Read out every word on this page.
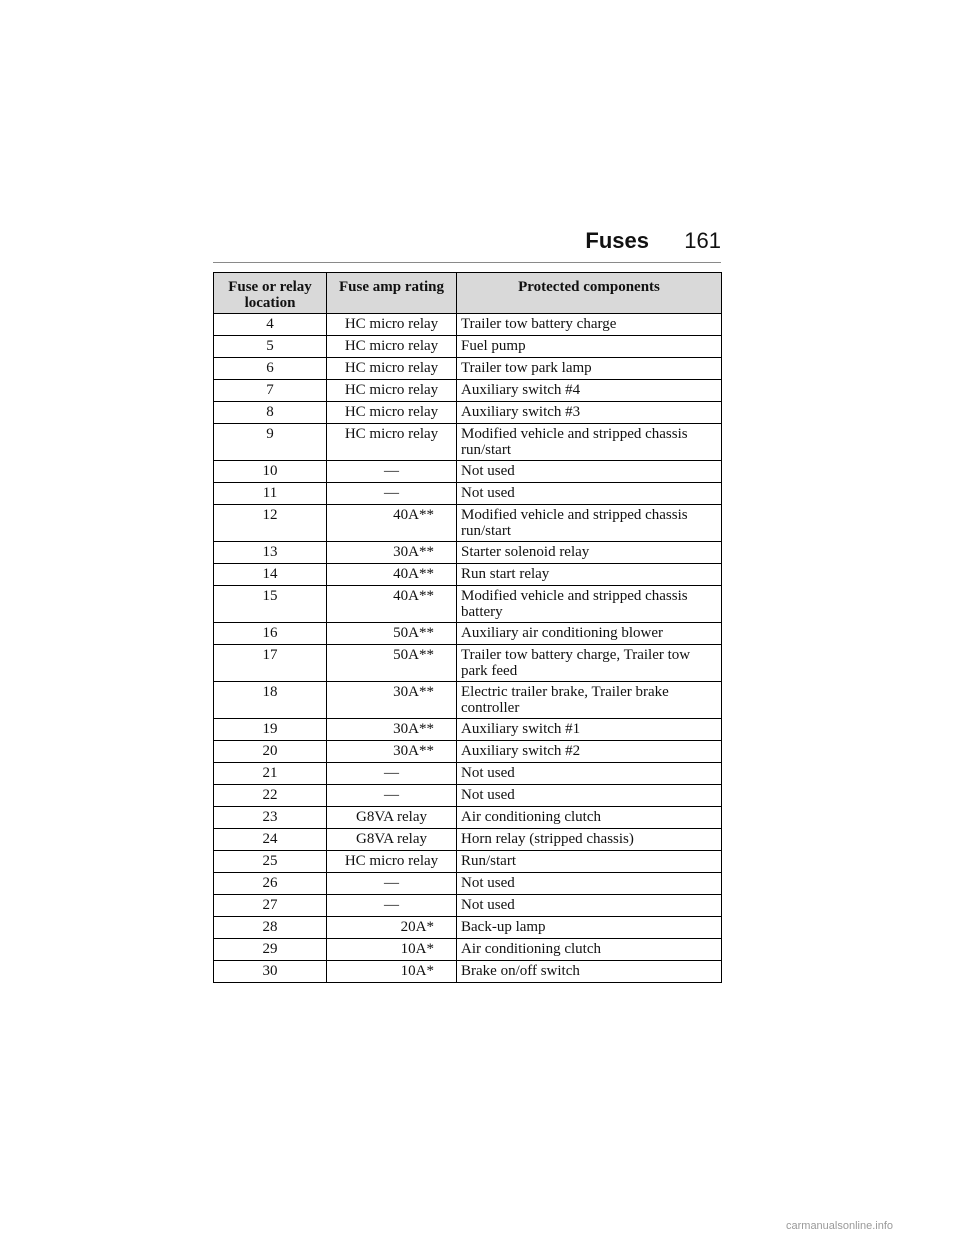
Fuses 161
Fuse or relay location	Fuse amp rating	Protected components
4	HC micro relay	Trailer tow battery charge
5	HC micro relay	Fuel pump
6	HC micro relay	Trailer tow park lamp
7	HC micro relay	Auxiliary switch #4
8	HC micro relay	Auxiliary switch #3
9	HC micro relay	Modified vehicle and stripped chassis run/start
10	—	Not used
11	—	Not used
12	40A**	Modified vehicle and stripped chassis run/start
13	30A**	Starter solenoid relay
14	40A**	Run start relay
15	40A**	Modified vehicle and stripped chassis battery
16	50A**	Auxiliary air conditioning blower
17	50A**	Trailer tow battery charge, Trailer tow park feed
18	30A**	Electric trailer brake, Trailer brake controller
19	30A**	Auxiliary switch #1
20	30A**	Auxiliary switch #2
21	—	Not used
22	—	Not used
23	G8VA relay	Air conditioning clutch
24	G8VA relay	Horn relay (stripped chassis)
25	HC micro relay	Run/start
26	—	Not used
27	—	Not used
28	20A*	Back-up lamp
29	10A*	Air conditioning clutch
30	10A*	Brake on/off switch
carmanualsonline.info
